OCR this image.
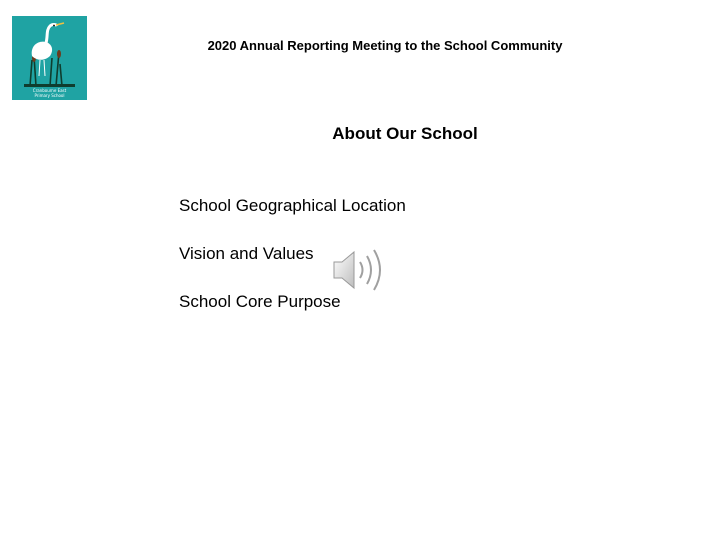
Cranbourne East
Primary School
2020 Annual Reporting Meeting to the School Community
About Our School
School Geographical Location
Vision and Values
School Core Purpose
